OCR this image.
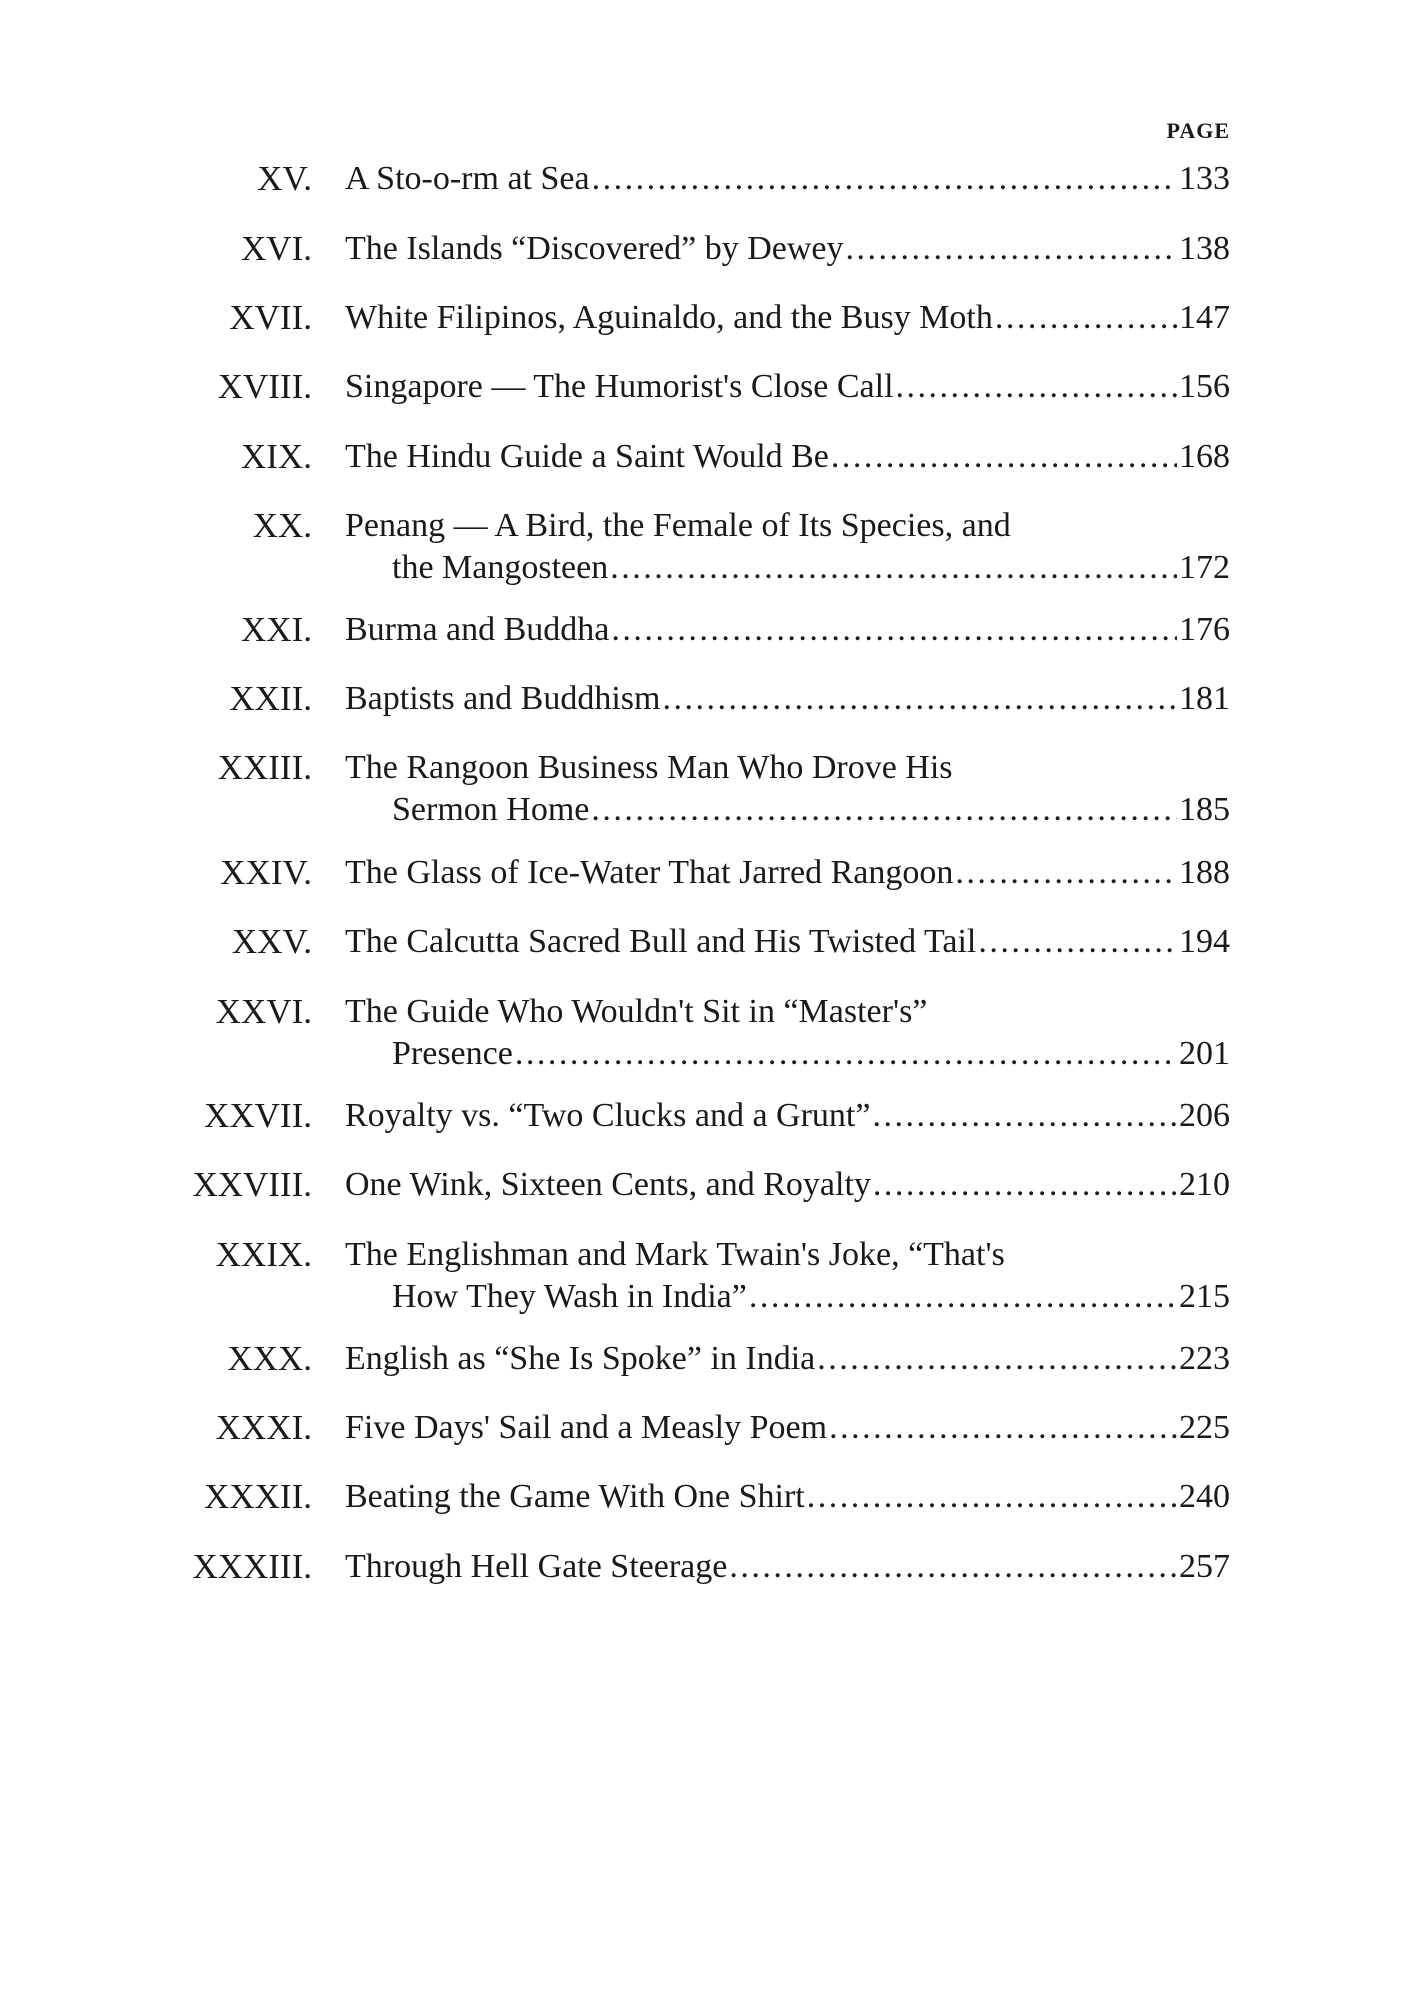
PAGE
XV. A Sto-o-rm at Sea . . .	133
XVI. The Islands “Discovered” by Dewey . . .	138
XVII. White Filipinos, Aguinaldo, and the Busy Moth . . .	147
XVIII. Singapore — The Humorist's Close Call . . .	156
XIX. The Hindu Guide a Saint Would Be . . .	168
XX. Penang — A Bird, the Female of Its Species, and
the Mangosteen . . .	172
XXI. Burma and Buddha . . .	176
XXII. Baptists and Buddhism . . .	181
XXIII. The Rangoon Business Man Who Drove His
Sermon Home . . .	185
XXIV. The Glass of Ice-Water That Jarred Rangoon . . .	188
XXV. The Calcutta Sacred Bull and His Twisted Tail . . .	194
XXVI. The Guide Who Wouldn't Sit in “Master's”
Presence . . .	201
XXVII. Royalty vs. “Two Clucks and a Grunt” . . .	206
XXVIII. One Wink, Sixteen Cents, and Royalty . . .	210
XXIX. The Englishman and Mark Twain's Joke, “That's
How They Wash in India” . . .	215
XXX. English as “She Is Spoke” in India . . .	223
XXXI. Five Days' Sail and a Measly Poem . . .	225
XXXII. Beating the Game With One Shirt . . .	240
XXXIII. Through Hell Gate Steerage . . .	257
